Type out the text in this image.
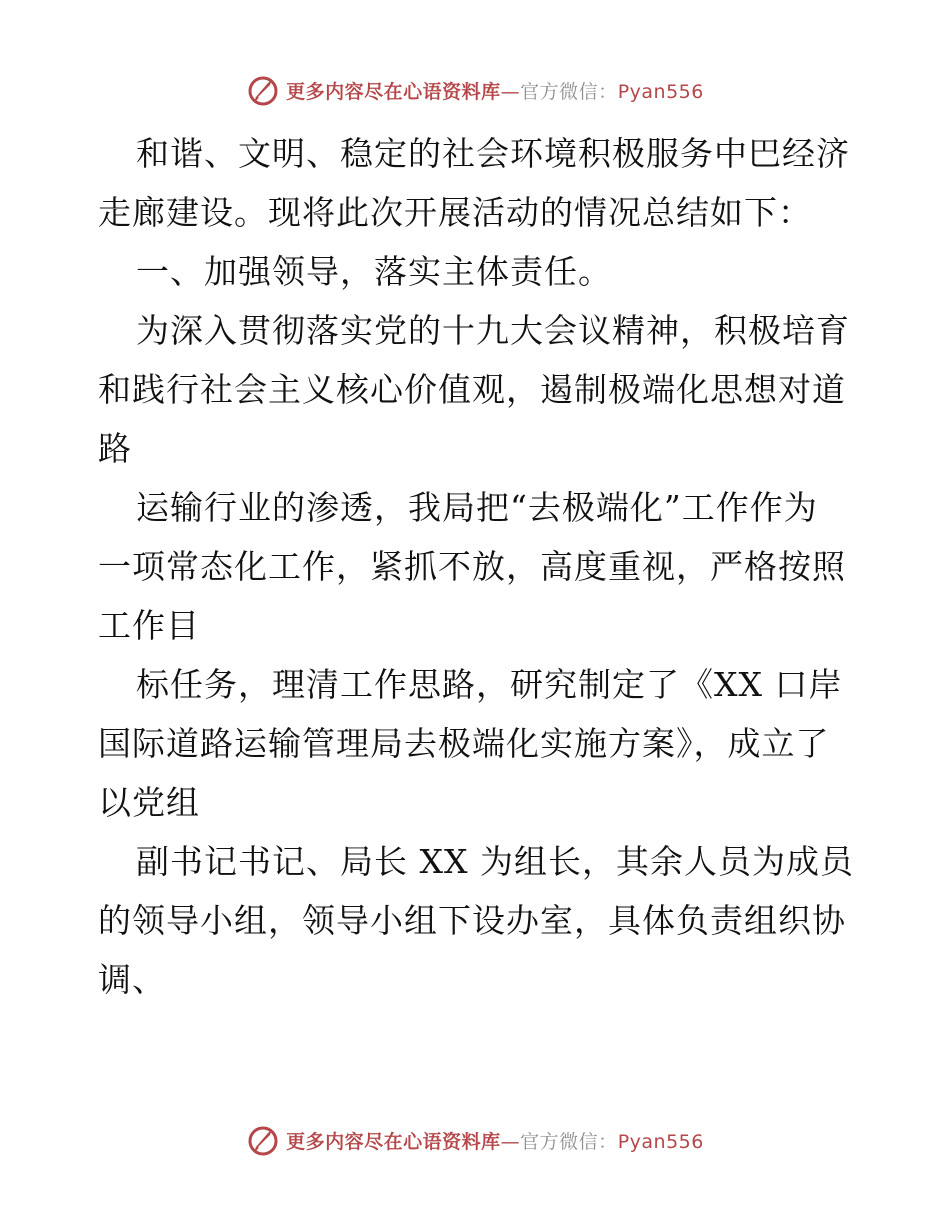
更多内容尽在心语资料库—官方微信：Pyan556
和谐、文明、稳定的社会环境积极服务中巴经济
走廊建设。现将此次开展活动的情况总结如下：
一、加强领导，落实主体责任。
为深入贯彻落实党的十九大会议精神，积极培育
和践行社会主义核心价值观，遏制极端化思想对道
路
运输行业的渗透，我局把“去极端化”工作作为
一项常态化工作，紧抓不放，高度重视，严格按照
工作目
标任务，理清工作思路，研究制定了《XX 口岸
国际道路运输管理局去极端化实施方案》，成立了
以党组
副书记书记、局长 XX 为组长，其余人员为成员
的领导小组，领导小组下设办室，具体负责组织协
调、
更多内容尽在心语资料库—官方微信：Pyan556
